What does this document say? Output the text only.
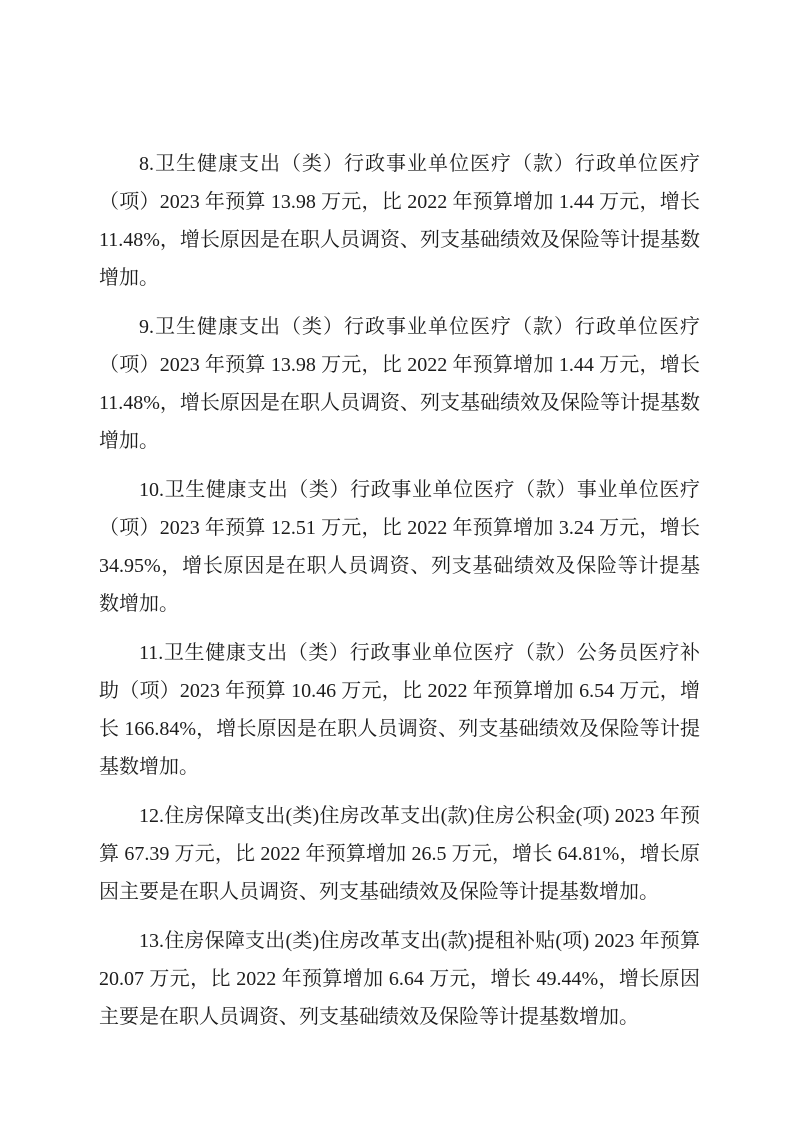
8.卫生健康支出（类）行政事业单位医疗（款）行政单位医疗（项）2023 年预算 13.98 万元，比 2022 年预算增加 1.44 万元，增长 11.48%，增长原因是在职人员调资、列支基础绩效及保险等计提基数增加。

9.卫生健康支出（类）行政事业单位医疗（款）行政单位医疗（项）2023 年预算 13.98 万元，比 2022 年预算增加 1.44 万元，增长 11.48%，增长原因是在职人员调资、列支基础绩效及保险等计提基数增加。

10.卫生健康支出（类）行政事业单位医疗（款）事业单位医疗（项）2023 年预算 12.51 万元，比 2022 年预算增加 3.24 万元，增长 34.95%，增长原因是在职人员调资、列支基础绩效及保险等计提基数增加。

11.卫生健康支出（类）行政事业单位医疗（款）公务员医疗补助（项）2023 年预算 10.46 万元，比 2022 年预算增加 6.54 万元，增长 166.84%，增长原因是在职人员调资、列支基础绩效及保险等计提基数增加。

12.住房保障支出(类)住房改革支出(款)住房公积金(项) 2023 年预算 67.39 万元，比 2022 年预算增加 26.5 万元，增长 64.81%，增长原因主要是在职人员调资、列支基础绩效及保险等计提基数增加。

13.住房保障支出(类)住房改革支出(款)提租补贴(项) 2023 年预算 20.07 万元，比 2022 年预算增加 6.64 万元，增长 49.44%，增长原因主要是在职人员调资、列支基础绩效及保险等计提基数增加。
